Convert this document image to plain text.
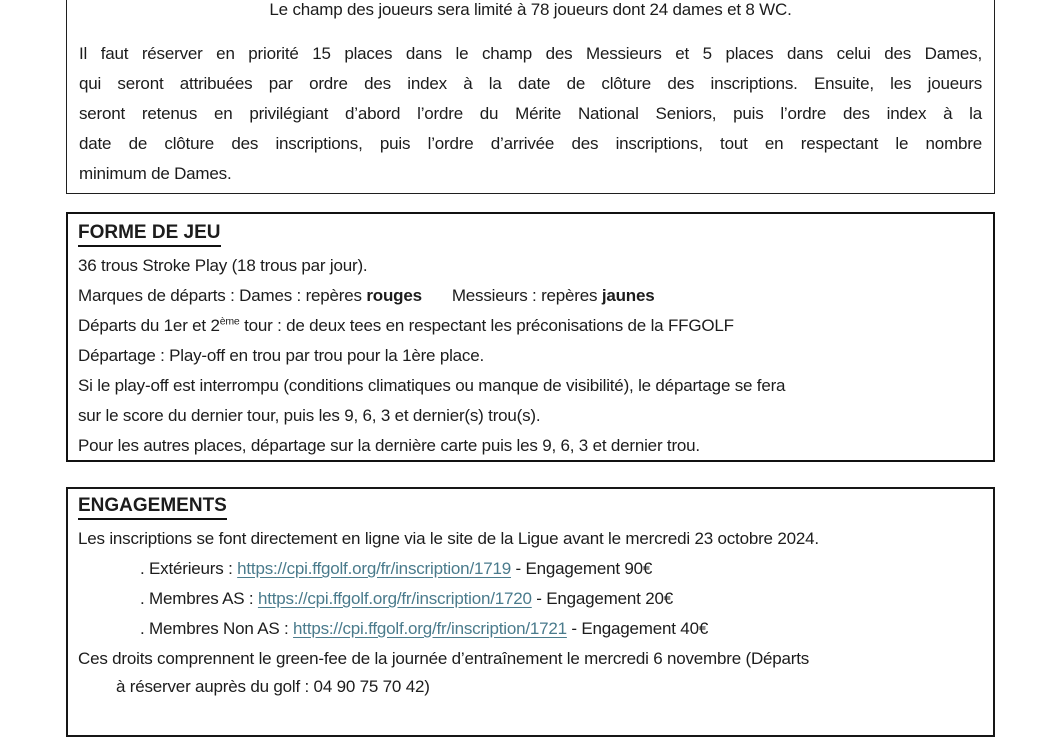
Le champ des joueurs sera limité à 78 joueurs dont 24 dames et 8 WC.
Il faut réserver en priorité 15 places dans le champ des Messieurs et 5 places dans celui des Dames,
qui seront attribuées par ordre des index à la date de clôture des inscriptions. Ensuite, les joueurs
seront retenus en privilégiant d’abord l’ordre du Mérite National Seniors, puis l’ordre des index à la
date de clôture des inscriptions, puis l’ordre d’arrivée des inscriptions, tout en respectant le nombre
minimum de Dames.
FORME DE JEU
36 trous Stroke Play (18 trous par jour).
Marques de départs : Dames : repères rouges Messieurs : repères jaunes
Départs du 1er et 2ème tour : de deux tees en respectant les préconisations de la FFGOLF
Départage : Play-off en trou par trou pour la 1ère place.
Si le play-off est interrompu (conditions climatiques ou manque de visibilité), le départage se fera
sur le score du dernier tour, puis les 9, 6, 3 et dernier(s) trou(s).
Pour les autres places, départage sur la dernière carte puis les 9, 6, 3 et dernier trou.
ENGAGEMENTS
Les inscriptions se font directement en ligne via le site de la Ligue avant le mercredi 23 octobre 2024.
. Extérieurs : https://cpi.ffgolf.org/fr/inscription/1719 - Engagement 90€
. Membres AS : https://cpi.ffgolf.org/fr/inscription/1720 - Engagement 20€
. Membres Non AS : https://cpi.ffgolf.org/fr/inscription/1721 - Engagement 40€
Ces droits comprennent le green-fee de la journée d’entraînement le mercredi 6 novembre (Départs
à réserver auprès du golf : 04 90 75 70 42)
